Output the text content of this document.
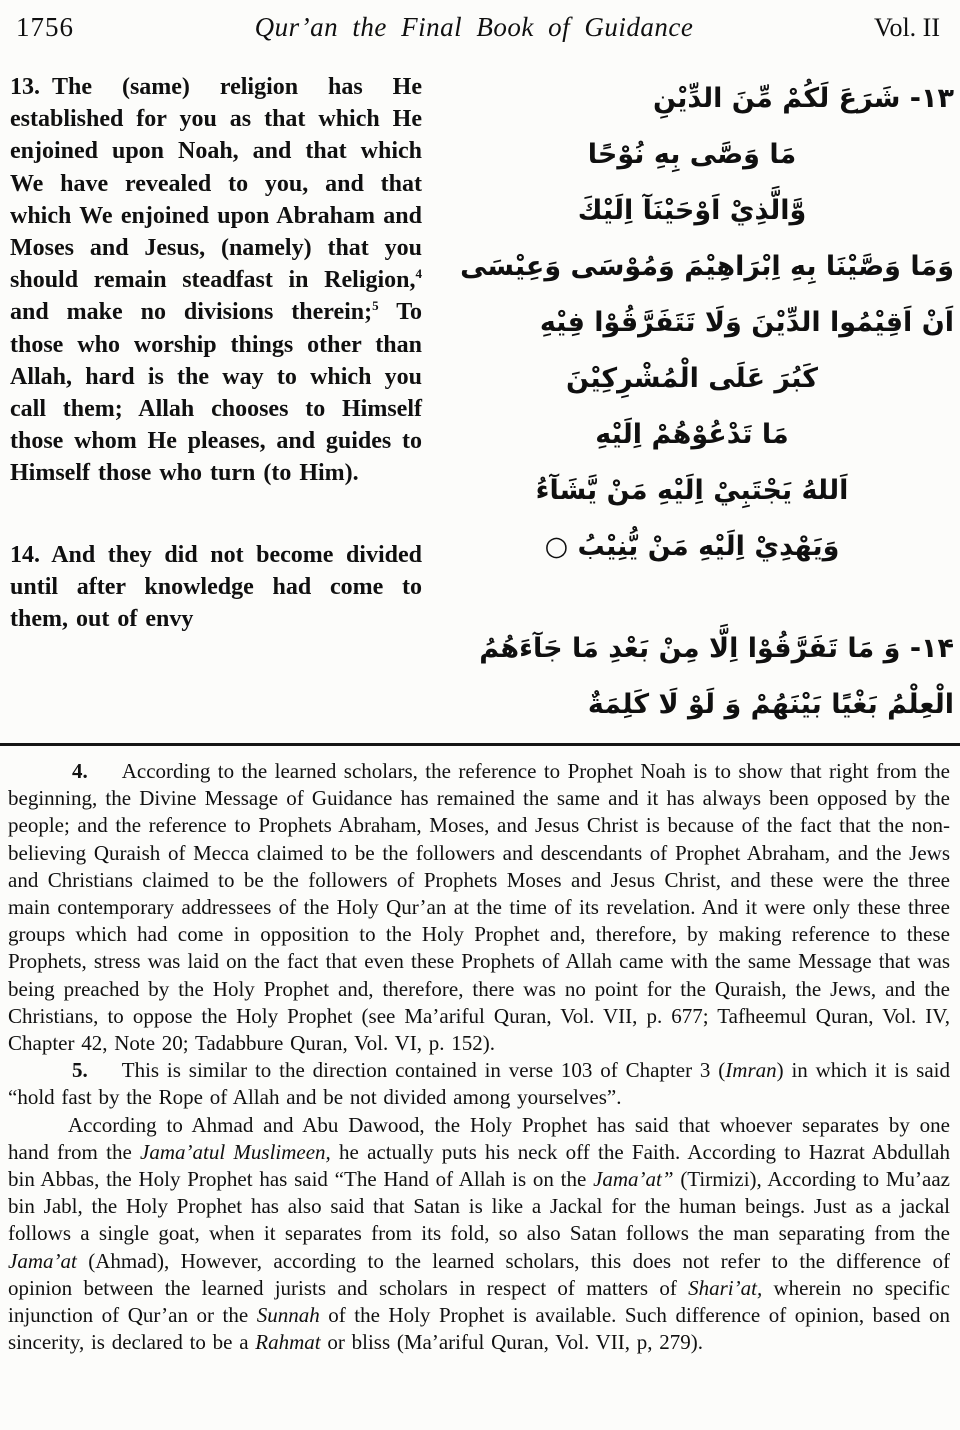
1756	Qur’an the Final Book of Guidance	Vol. II

13. The (same) religion has He established for you as that which He enjoined upon Noah, and that which We have revealed to you, and that which We enjoined upon Abraham and Moses and Jesus, (namely) that you should remain steadfast in Religion,$^4$ and make no divisions therein;$^5$ To those who worship things other than Allah, hard is the way to which you call them; Allah chooses to Himself those whom He pleases, and guides to Himself those who turn (to Him).

14. And they did not become divided until after knowledge had come to them, out of envy

۱۳- شَرَعَ لَكُمْ مِّنَ الدِّيْنِ
مَا وَصَّى بِهِ نُوْحًا
وَّالَّذِيْ اَوْحَيْنَآ اِلَيْكَ
وَمَا وَصَّيْنَا بِهِ اِبْرَاهِيْمَ وَمُوْسَى وَعِيْسَى
اَنْ اَقِيْمُوا الدِّيْنَ وَلَا تَتَفَرَّقُوْا فِيْهِ
كَبُرَ عَلَى الْمُشْرِكِيْنَ
مَا تَدْعُوْهُمْ اِلَيْهِ
اَللهُ يَجْتَبِيْ اِلَيْهِ مَنْ يَّشَآءُ
وَيَهْدِيْ اِلَيْهِ مَنْ يُّنِيْبُ ○
۱۴- وَ مَا تَفَرَّقُوْا اِلَّا مِنْ بَعْدِ مَا جَآءَهُمُ
الْعِلْمُ بَغْيًا بَيْنَهُمْ وَ لَوْ لَا كَلِمَةٌ

4. According to the learned scholars, the reference to Prophet Noah is to show that right from the beginning, the Divine Message of Guidance has remained the same and it has always been opposed by the people; and the reference to Prophets Abraham, Moses, and Jesus Christ is because of the fact that the non-believing Quraish of Mecca claimed to be the followers and descendants of Prophet Abraham, and the Jews and Christians claimed to be the followers of Prophets Moses and Jesus Christ, and these were the three main contemporary addressees of the Holy Qur’an at the time of its revelation. And it were only these three groups which had come in opposition to the Holy Prophet and, therefore, by making reference to these Prophets, stress was laid on the fact that even these Prophets of Allah came with the same Message that was being preached by the Holy Prophet and, therefore, there was no point for the Quraish, the Jews, and the Christians, to oppose the Holy Prophet (see Ma’ariful Quran, Vol. VII, p. 677; Tafheemul Quran, Vol. IV, Chapter 42, Note 20; Tadabbure Quran, Vol. VI, p. 152).

5. This is similar to the direction contained in verse 103 of Chapter 3 (Imran) in which it is said “hold fast by the Rope of Allah and be not divided among yourselves”.

According to Ahmad and Abu Dawood, the Holy Prophet has said that whoever separates by one hand from the Jama’atul Muslimeen, he actually puts his neck off the Faith. According to Hazrat Abdullah bin Abbas, the Holy Prophet has said “The Hand of Allah is on the Jama’at” (Tirmizi), According to Mu’aaz bin Jabl, the Holy Prophet has also said that Satan is like a Jackal for the human beings. Just as a jackal follows a single goat, when it separates from its fold, so also Satan follows the man separating from the Jama’at (Ahmad), However, according to the learned scholars, this does not refer to the difference of opinion between the learned jurists and scholars in respect of matters of Shari’at, wherein no specific injunction of Qur’an or the Sunnah of the Holy Prophet is available. Such difference of opinion, based on sincerity, is declared to be a Rahmat or bliss (Ma’ariful Quran, Vol. VII, p, 279).
